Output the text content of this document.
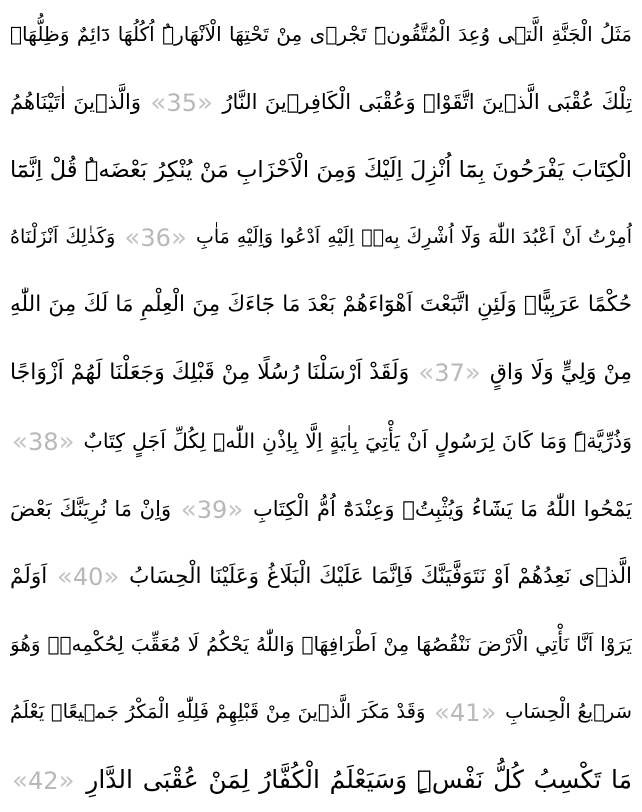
مَثَلُ الْجَنَّةِ الَّتٖى وُعِدَ الْمُتَّقُونَۜ تَجْرٖى مِنْ تَحْتِهَا الْاَنْهَارُۜ اُكُلُهَا دَٓائِمٌ وَظِلُّهَاۜ
تِلْكَ عُقْبَى الَّذٖينَ اتَّقَوْاۗ وَعُقْبَى الْكَافِرٖينَ النَّارُ « 35 » وَالَّذٖينَ اٰتَيْنَاهُمُ
الْكِتَابَ يَفْرَحُونَ بِمَٓا اُنْزِلَ اِلَيْكَ وَمِنَ الْاَحْزَابِ مَنْ يُنْكِرُ بَعْضَهُۜ قُلْ اِنَّمَٓا
اُمِرْتُ اَنْ اَعْبُدَ اللّٰهَ وَلَٓا اُشْرِكَ بِهٖۜ اِلَيْهِ اَدْعُوا وَاِلَيْهِ مَاٰبِ « 36 » وَكَذٰلِكَ اَنْزَلْنَاهُ
حُكْمًا عَرَبِيًّاۜ وَلَئِنِ اتَّبَعْتَ اَهْوَٓاءَهُمْ بَعْدَ مَا جَٓاءَكَ مِنَ الْعِلْمِ مَا لَكَ مِنَ اللّٰهِ
مِنْ وَلِيٍّ وَلَا وَاقٍ « 37 » وَلَقَدْ اَرْسَلْنَا رُسُلًا مِنْ قَبْلِكَ وَجَعَلْنَا لَهُمْ اَزْوَاجًا
وَذُرِّيَّةًۜ وَمَا كَانَ لِرَسُولٍ اَنْ يَأْتِيَ بِاٰيَةٍ اِلَّا بِاِذْنِ اللّٰهِۜ لِكُلِّ اَجَلٍ كِتَابٌ « 38 »
يَمْحُوا اللّٰهُ مَا يَشَٓاءُ وَيُثْبِتُۚ وَعِنْدَهُٓ اُمُّ الْكِتَابِ « 39 » وَاِنْ مَا نُرِيَنَّكَ بَعْضَ
الَّذٖى نَعِدُهُمْ اَوْ نَتَوَفَّيَنَّكَ فَاِنَّمَا عَلَيْكَ الْبَلَاغُ وَعَلَيْنَا الْحِسَابُ « 40 » اَوَلَمْ
يَرَوْا اَنَّا نَأْتِي الْاَرْضَ نَنْقُصُهَا مِنْ اَطْرَافِهَاۜ وَاللّٰهُ يَحْكُمُ لَا مُعَقِّبَ لِحُكْمِهٖۜ وَهُوَ
سَرٖيعُ الْحِسَابِ « 41 » وَقَدْ مَكَرَ الَّذٖينَ مِنْ قَبْلِهِمْ فَلِلّٰهِ الْمَكْرُ جَمٖيعًاۜ يَعْلَمُ
مَا تَكْسِبُ كُلُّ نَفْسٍۜ وَسَيَعْلَمُ الْكُفَّارُ لِمَنْ عُقْبَى الدَّارِ « 42 »
